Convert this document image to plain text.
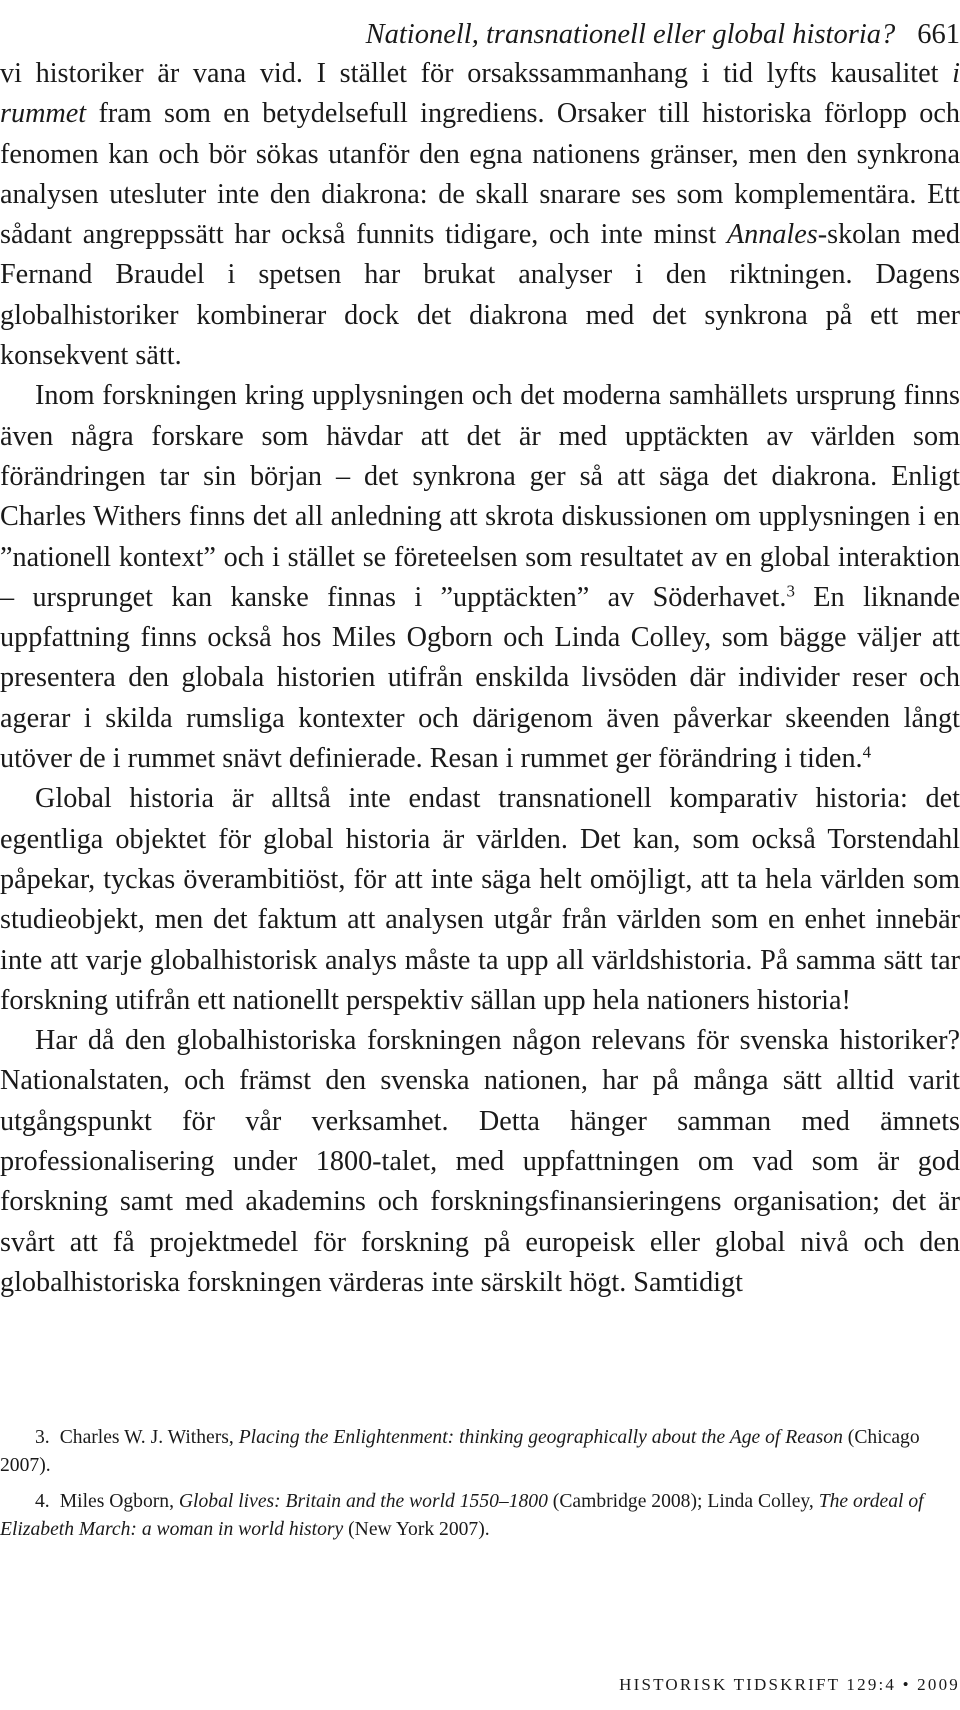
Nationell, transnationell eller global historia? 661

vi historiker är vana vid. I stället för orsakssammanhang i tid lyfts kausalitet i rummet fram som en betydelsefull ingrediens. Orsaker till historiska förlopp och fenomen kan och bör sökas utanför den egna nationens gränser, men den synkrona analysen utesluter inte den diakrona: de skall snarare ses som komplementära. Ett sådant angreppssätt har också funnits tidigare, och inte minst Annales-skolan med Fernand Braudel i spetsen har brukat analyser i den riktningen. Dagens globalhistoriker kombinerar dock det diakrona med det synkrona på ett mer konsekvent sätt.

Inom forskningen kring upplysningen och det moderna samhällets ursprung finns även några forskare som hävdar att det är med upptäckten av världen som förändringen tar sin början – det synkrona ger så att säga det diakrona. Enligt Charles Withers finns det all anledning att skrota diskussionen om upplysningen i en ”nationell kontext” och i stället se företeelsen som resultatet av en global interaktion – ursprunget kan kanske finnas i ”upptäckten” av Söderhavet.$^3$ En liknande uppfattning finns också hos Miles Ogborn och Linda Colley, som bägge väljer att presentera den globala historien utifrån enskilda livsöden där individer reser och agerar i skilda rumsliga kontexter och därigenom även påverkar skeenden långt utöver de i rummet snävt definierade. Resan i rummet ger förändring i tiden.$^4$

Global historia är alltså inte endast transnationell komparativ historia: det egentliga objektet för global historia är världen. Det kan, som också Torstendahl påpekar, tyckas överambitiöst, för att inte säga helt omöjligt, att ta hela världen som studieobjekt, men det faktum att analysen utgår från världen som en enhet innebär inte att varje globalhistorisk analys måste ta upp all världshistoria. På samma sätt tar forskning utifrån ett nationellt perspektiv sällan upp hela nationers historia!

Har då den globalhistoriska forskningen någon relevans för svenska historiker? Nationalstaten, och främst den svenska nationen, har på många sätt alltid varit utgångspunkt för vår verksamhet. Detta hänger samman med ämnets professionalisering under 1800-talet, med uppfattningen om vad som är god forskning samt med akademins och forskningsfinansieringens organisation; det är svårt att få projektmedel för forskning på europeisk eller global nivå och den globalhistoriska forskningen värderas inte särskilt högt. Samtidigt

3. Charles W. J. Withers, Placing the Enlightenment: thinking geographically about the Age of Reason (Chicago 2007).

4. Miles Ogborn, Global lives: Britain and the world 1550–1800 (Cambridge 2008); Linda Colley, The ordeal of Elizabeth March: a woman in world history (New York 2007).

HISTORISK TIDSKRIFT 129:4 • 2009
